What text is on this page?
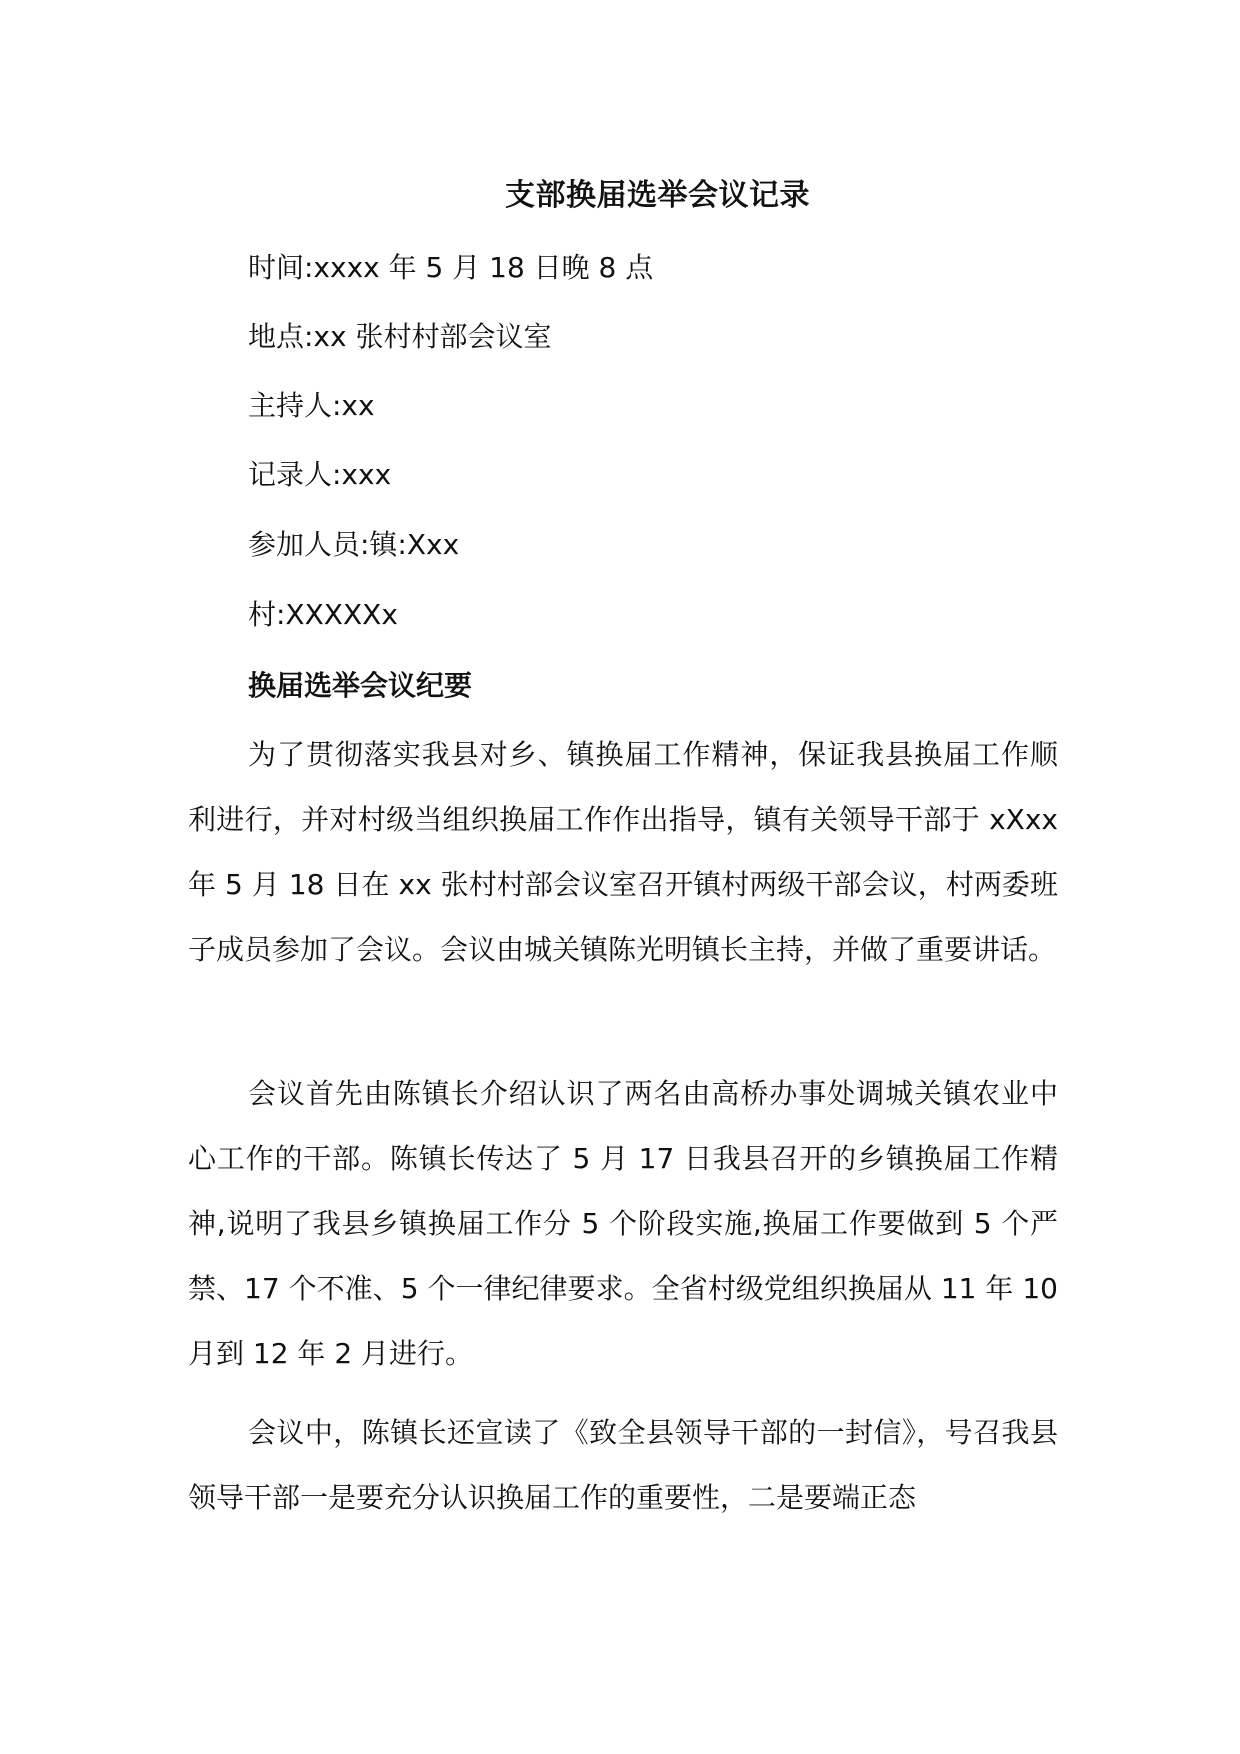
支部换届选举会议记录
时间:xxxx 年 5 月 18 日晚 8 点
地点:xx 张村村部会议室
主持人:xx
记录人:xxx
参加人员:镇:Xxx
村:XXXXXx
换届选举会议纪要

为了贯彻落实我县对乡、镇换届工作精神，保证我县换届工作顺利进行，并对村级当组织换届工作作出指导，镇有关领导干部于 xXxx 年 5 月 18 日在 xx 张村村部会议室召开镇村两级干部会议，村两委班子成员参加了会议。会议由城关镇陈光明镇长主持，并做了重要讲话。

会议首先由陈镇长介绍认识了两名由高桥办事处调城关镇农业中心工作的干部。陈镇长传达了 5 月 17 日我县召开的乡镇换届工作精神,说明了我县乡镇换届工作分 5 个阶段实施,换届工作要做到 5 个严禁、17 个不准、5 个一律纪律要求。全省村级党组织换届从 11 年 10 月到 12 年 2 月进行。

会议中，陈镇长还宣读了《致全县领导干部的一封信》，号召我县领导干部一是要充分认识换届工作的重要性，二是要端正态
